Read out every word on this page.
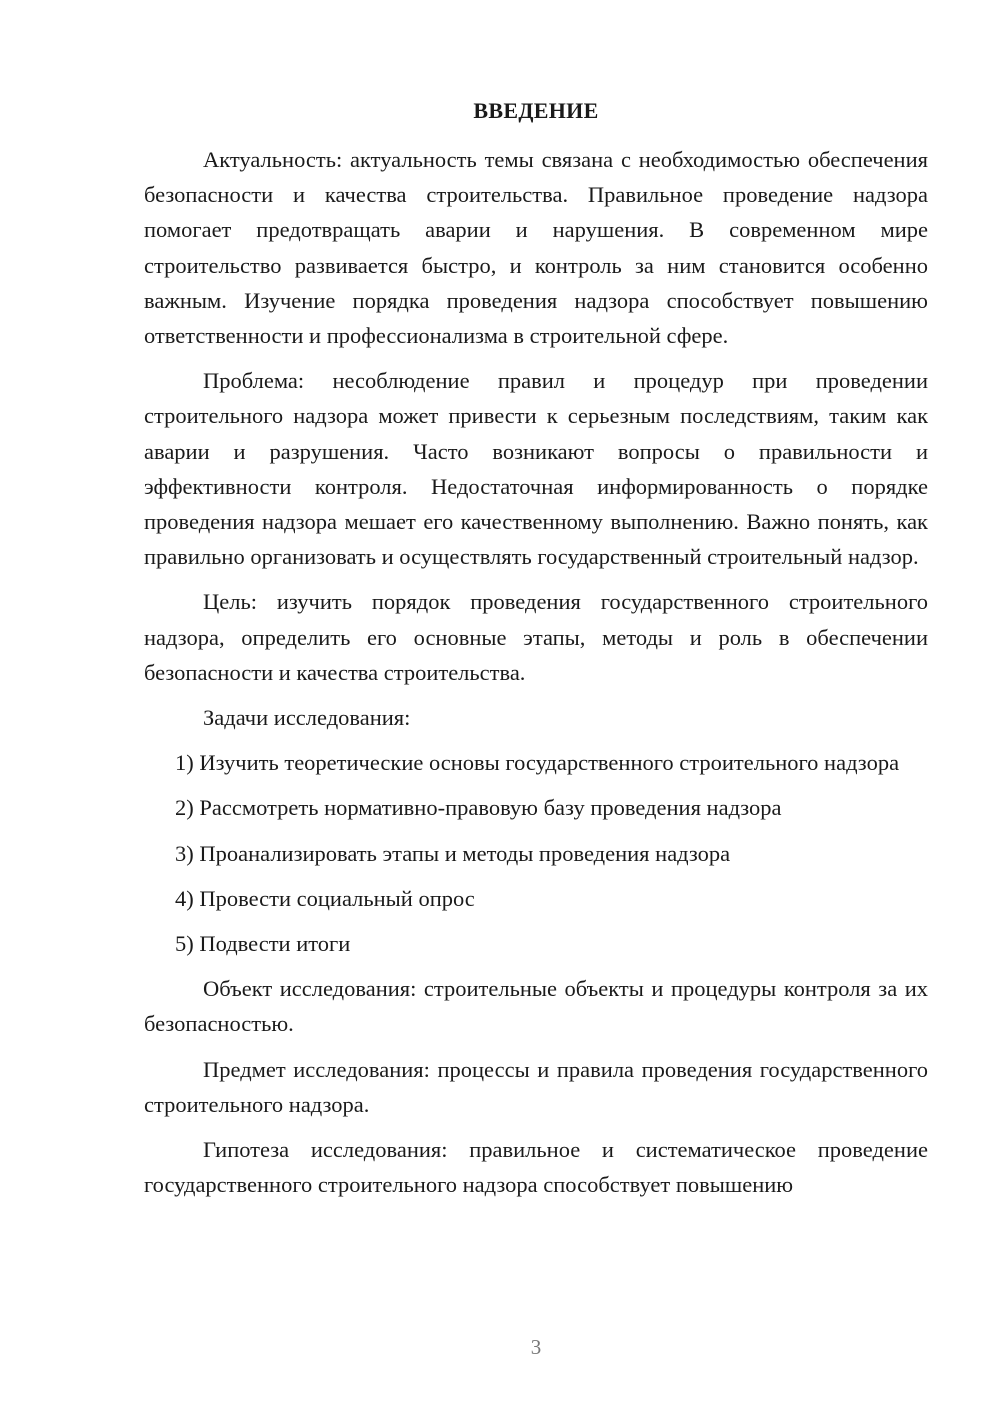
ВВЕДЕНИЕ

Актуальность: актуальность темы связана с необходимостью обеспечения безопасности и качества строительства. Правильное проведение надзора помогает предотвращать аварии и нарушения. В современном мире строительство развивается быстро, и контроль за ним становится особенно важным. Изучение порядка проведения надзора способствует повышению ответственности и профессионализма в строительной сфере.

Проблема: несоблюдение правил и процедур при проведении строительного надзора может привести к серьезным последствиям, таким как аварии и разрушения. Часто возникают вопросы о правильности и эффективности контроля. Недостаточная информированность о порядке проведения надзора мешает его качественному выполнению. Важно понять, как правильно организовать и осуществлять государственный строительный надзор.

Цель: изучить порядок проведения государственного строительного надзора, определить его основные этапы, методы и роль в обеспечении безопасности и качества строительства.

Задачи исследования:

1) Изучить теоретические основы государственного строительного надзора

2) Рассмотреть нормативно-правовую базу проведения надзора

3) Проанализировать этапы и методы проведения надзора

4) Провести социальный опрос

5) Подвести итоги

Объект исследования: строительные объекты и процедуры контроля за их безопасностью.

Предмет исследования: процессы и правила проведения государственного строительного надзора.

Гипотеза исследования: правильное и систематическое проведение государственного строительного надзора способствует повышению

3
